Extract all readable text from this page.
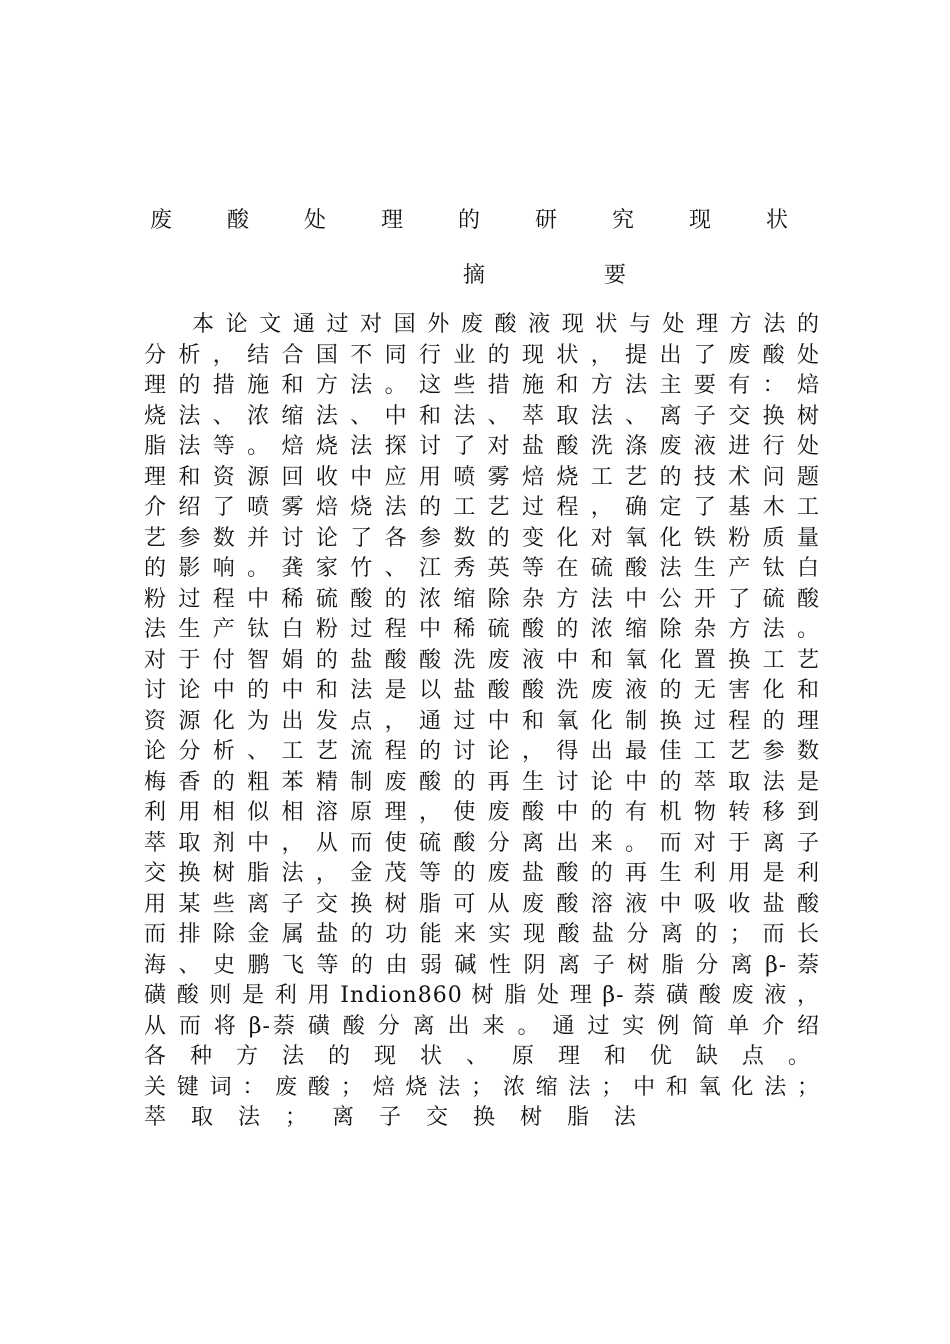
废 酸 处 理 的 研 究 现 状
摘 要
本 论 文 通 过 对 国 外 废 酸 液 现 状 与 处 理 方 法 的
分 析 ， 结 合 国 不 同 行 业 的 现 状 ， 提 出 了 废 酸 处
理 的 措 施 和 方 法 。 这 些 措 施 和 方 法 主 要 有 ： 焙
烧 法 、 浓 缩 法 、 中 和 法 、 萃 取 法 、 离 子 交 换 树
脂 法 等 。 焙 烧 法 探 讨 了 对 盐 酸 洗 涤 废 液 进 行 处
理 和 资 源 回 收 中 应 用 喷 雾 焙 烧 工 艺 的 技 术 问 题
介 绍 了 喷 雾 焙 烧 法 的 工 艺 过 程 ， 确 定 了 基 木 工
艺 参 数 并 讨 论 了 各 参 数 的 变 化 对 氧 化 铁 粉 质 量
的 影 响 。 龚 家 竹 、 江 秀 英 等 在 硫 酸 法 生 产 钛 白
粉 过 程 中 稀 硫 酸 的 浓 缩 除 杂 方 法 中 公 开 了 硫 酸
法 生 产 钛 白 粉 过 程 中 稀 硫 酸 的 浓 缩 除 杂 方 法 。
对 于 付 智 娟 的 盐 酸 酸 洗 废 液 中 和 氧 化 置 换 工 艺
讨 论 中 的 中 和 法 是 以 盐 酸 酸 洗 废 液 的 无 害 化 和
资 源 化 为 出 发 点 ， 通 过 中 和 氧 化 制 换 过 程 的 理
论 分 析 、 工 艺 流 程 的 讨 论 ， 得 出 最 佳 工 艺 参 数
梅 香 的 粗 苯 精 制 废 酸 的 再 生 讨 论 中 的 萃 取 法 是
利 用 相 似 相 溶 原 理 ， 使 废 酸 中 的 有 机 物 转 移 到
萃 取 剂 中 ， 从 而 使 硫 酸 分 离 出 来 。 而 对 于 离 子
交 换 树 脂 法 ， 金 茂 等 的 废 盐 酸 的 再 生 利 用 是 利
用 某 些 离 子 交 换 树 脂 可 从 废 酸 溶 液 中 吸 收 盐 酸
而 排 除 金 属 盐 的 功 能 来 实 现 酸 盐 分 离 的 ； 而 长
海 、 史 鹏 飞 等 的 由 弱 碱 性 阴 离 子 树 脂 分 离 β- 萘
磺 酸 则 是 利 用 Indion860 树 脂 处 理 β- 萘 磺 酸 废 液 ，
从 而 将 β-萘 磺 酸 分 离 出 来 。 通 过 实 例 简 单 介 绍
各 种 方 法 的 现 状 、 原 理 和 优 缺 点 。
关 键 词 ： 废 酸 ； 焙 烧 法 ； 浓 缩 法 ； 中 和 氧 化 法 ；
萃 取 法 ； 离 子 交 换 树 脂 法
